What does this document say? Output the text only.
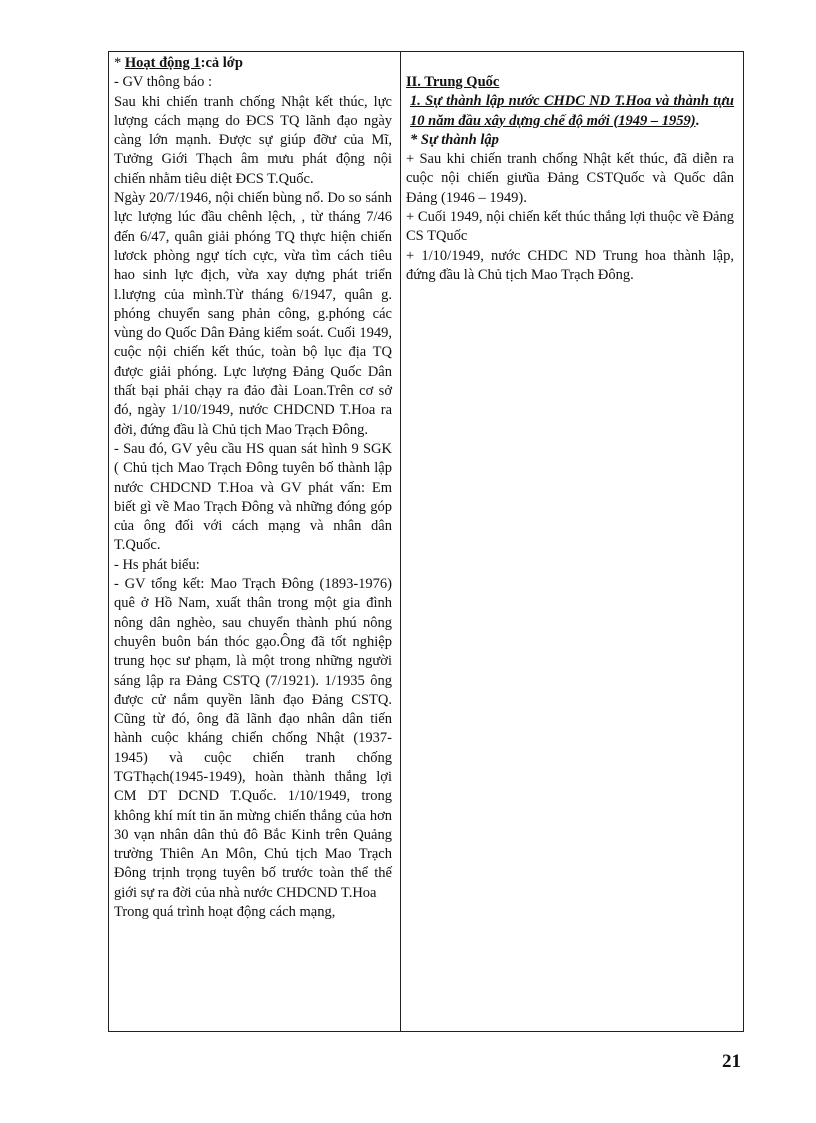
* Hoạt động 1:cả lớp

- GV thông báo :

Sau khi chiến tranh chống Nhật kết thúc, lực lượng cách mạng do ĐCS TQ lãnh đạo ngày càng lớn mạnh. Được sự giúp đỡư của Mĩ, Tưởng Giới Thạch âm mưu phát động nội chiến nhằm tiêu diệt ĐCS T.Quốc.

Ngày 20/7/1946, nội chiến bùng nổ. Do so sánh lực lượng lúc đầu chênh lệch, , từ tháng 7/46 đến 6/47, quân giải phóng TQ thực hiện chiến lươck phòng ngự tích cực, vừa tìm cách tiêu hao sinh lực địch, vừa xay dựng phát triển l.lượng của mình.Từ tháng 6/1947, quân g. phóng chuyển sang phản công, g.phóng các vùng do Quốc Dân Đảng kiểm soát. Cuối 1949, cuộc nội chiến kết thúc, toàn bộ lục địa TQ được giải phóng. Lực lượng Đảng Quốc Dân thất bại phải chạy ra đảo đài Loan.Trên cơ sở đó, ngày 1/10/1949, nước CHDCND T.Hoa ra đời, đứng đầu là Chủ tịch Mao Trạch Đông.

- Sau đó, GV yêu cầu HS quan sát hình 9 SGK ( Chủ tịch Mao Trạch Đông tuyên bố thành lập nước CHDCND T.Hoa và GV phát vấn: Em biết gì về Mao Trạch Đông và những đóng góp của ông đối với cách mạng và nhân dân T.Quốc.

- Hs phát biểu:

- GV tổng kết: Mao Trạch Đông (1893-1976) quê ở Hồ Nam, xuất thân trong một gia đình nông dân nghèo, sau chuyển thành phú nông chuyên buôn bán thóc gạo.Ông đã tốt nghiệp trung học sư phạm, là một trong những người sáng lập ra Đảng CSTQ (7/1921). 1/1935 ông được cử nắm quyền lãnh đạo Đảng CSTQ. Cũng từ đó, ông đã lãnh đạo nhân dân tiến hành cuộc kháng chiến chống Nhật (1937-1945) và cuộc chiến tranh chống TGThạch(1945-1949), hoàn thành thắng lợi CM DT DCND T.Quốc. 1/10/1949, trong không khí mít tin ăn mừng chiến thắng của hơn 30 vạn nhân dân thủ đô Bắc Kinh trên Quảng trường Thiên An Môn, Chủ tịch Mao Trạch Đông trịnh trọng tuyên bố trước toàn thể thế giới sự ra đời của nhà nước CHDCND T.Hoa

Trong quá trình hoạt động cách mạng,

II. Trung Quốc

1. Sự thành lập nước CHDC ND T.Hoa và thành tựu 10 năm đầu xây dựng chế độ mới (1949 – 1959).

* Sự thành lập

+ Sau khi chiến tranh chống Nhật kết thúc, đã diễn ra cuộc nội chiến giưũa Đảng CSTQuốc và Quốc dân Đảng (1946 – 1949).

+ Cuối 1949, nội chiến kết thúc thắng lợi thuộc về Đảng CS TQuốc

+ 1/10/1949, nước CHDC ND Trung hoa thành lập, đứng đầu là Chủ tịch Mao Trạch Đông.

21
